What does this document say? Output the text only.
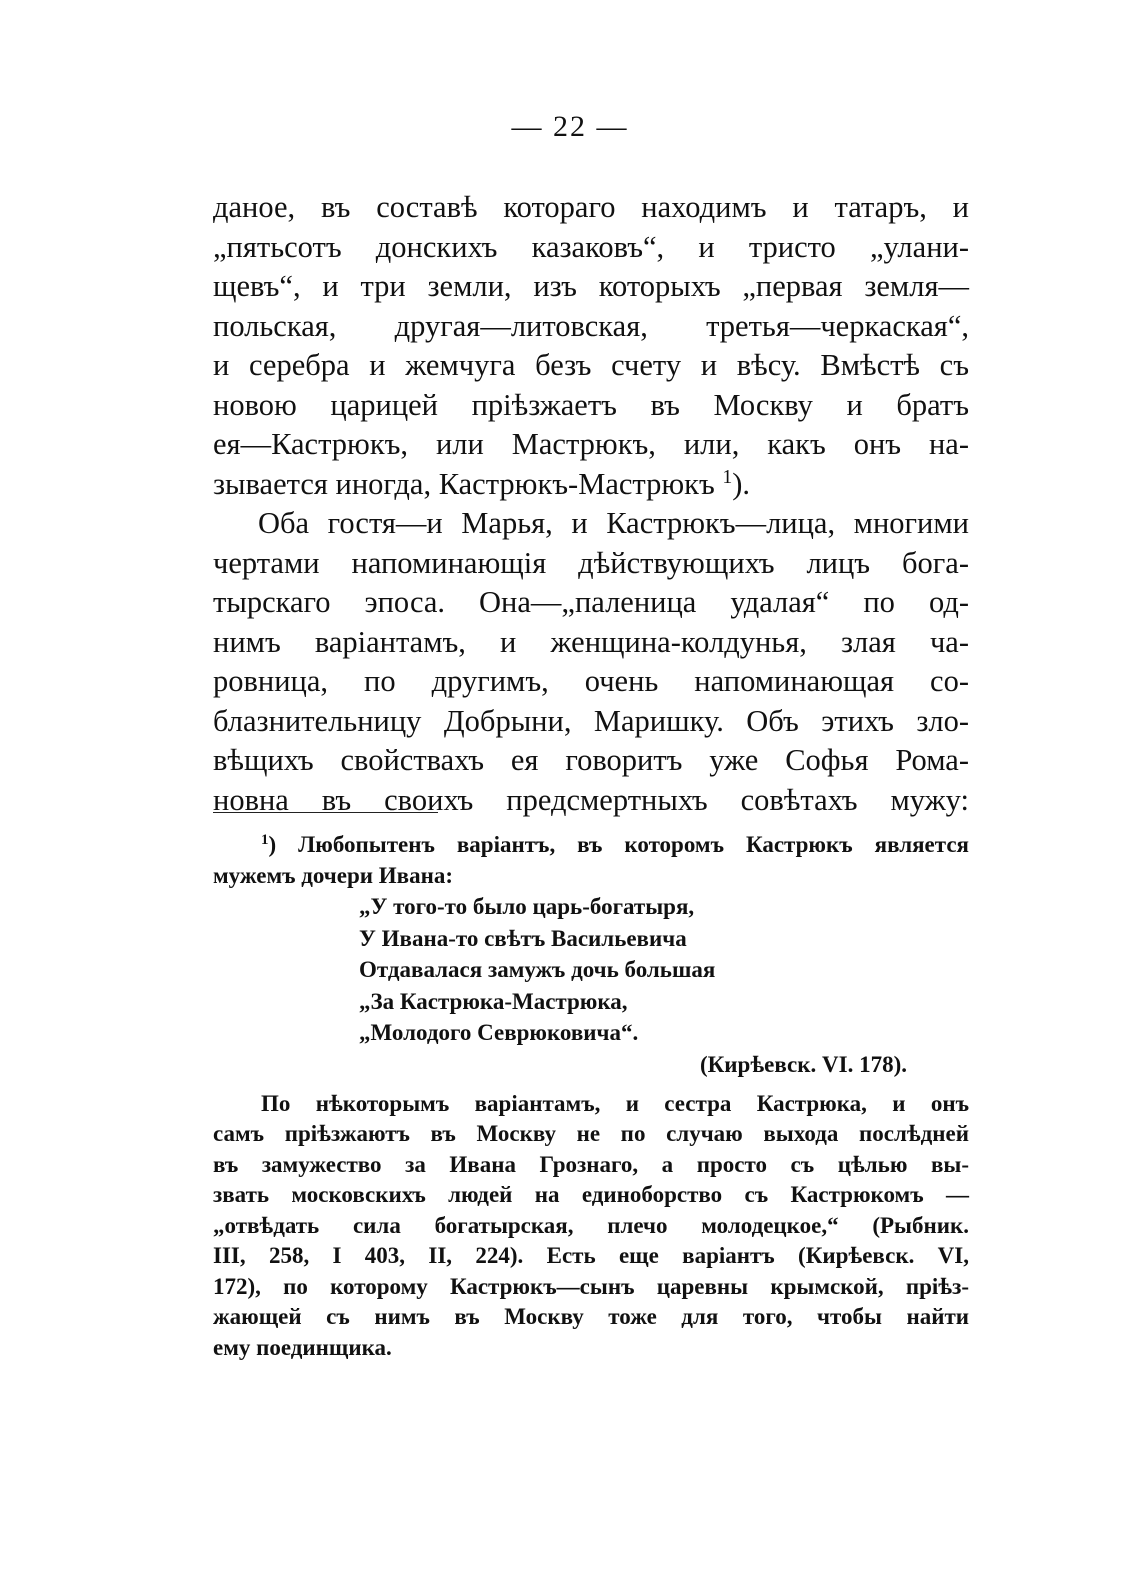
— 22 —
даное, въ составѣ котораго находимъ и татаръ, и
„пятьсотъ донскихъ казаковъ“, и тристо „улани-
щевъ“, и три земли, изъ которыхъ „первая земля—
польская, другая—литовская, третья—черкаская“,
и серебра и жемчуга безъ счету и вѣсу. Вмѣстѣ съ
новою царицей пріѣзжаетъ въ Москву и братъ
ея—Кастрюкъ, или Мастрюкъ, или, какъ онъ на-
зывается иногда, Кастрюкъ-Мастрюкъ $^1$).
Оба гостя—и Марья, и Кастрюкъ—лица, многими
чертами напоминающія дѣйствующихъ лицъ бога-
тырскаго эпоса. Она—„паленица удалая“ по од-
нимъ варіантамъ, и женщина-колдунья, злая ча-
ровница, по другимъ, очень напоминающая со-
блазнительницу Добрыни, Маришку. Объ этихъ зло-
вѣщихъ свойствахъ ея говоритъ уже Софья Рома-
новна въ своихъ предсмертныхъ совѣтахъ мужу:
$^1$) Любопытенъ варіантъ, въ которомъ Кастрюкъ является
мужемъ дочери Ивана:
„У того-то было царь-богатыря,
У Ивана-то свѣтъ Васильевича
Отдавалася замужъ дочь большая
„За Кастрюка-Мастрюка,
„Молодого Севрюковича“.
(Кирѣевск. VI. 178).
По нѣкоторымъ варіантамъ, и сестра Кастрюка, и онъ
самъ пріѣзжаютъ въ Москву не по случаю выхода послѣдней
въ замужество за Ивана Грознаго, а просто съ цѣлью вы-
звать московскихъ людей на единоборство съ Кастрюкомъ —
„отвѣдать сила богатырская, плечо молодецкое,“ (Рыбник.
III, 258, I 403, II, 224). Есть еще варіантъ (Кирѣевск. VI,
172), по которому Кастрюкъ—сынъ царевны крымской, пріѣз-
жающей съ нимъ въ Москву тоже для того, чтобы найти
ему поединщика.
